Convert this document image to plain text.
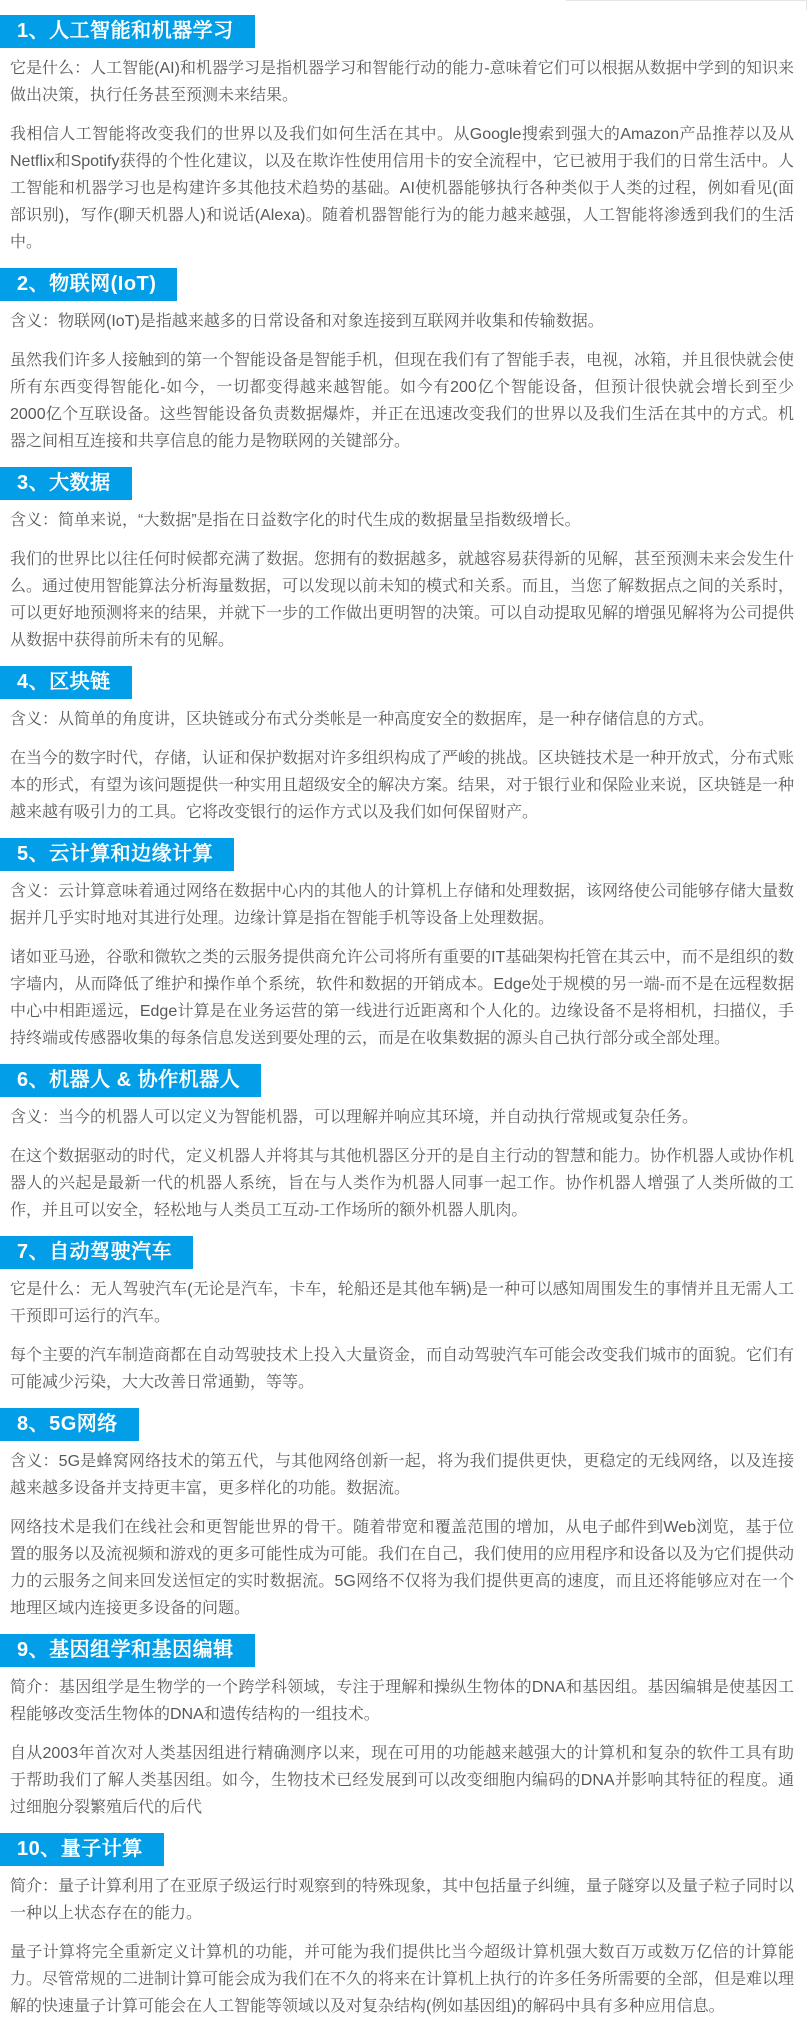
1、人工智能和机器学习

它是什么：人工智能(AI)和机器学习是指机器学习和智能行动的能力-意味着它们可以根据从数据中学到的知识来做出决策，执行任务甚至预测未来结果。

我相信人工智能将改变我们的世界以及我们如何生活在其中。从Google搜索到强大的Amazon产品推荐以及从Netflix和Spotify获得的个性化建议，以及在欺诈性使用信用卡的安全流程中，它已被用于我们的日常生活中。人工智能和机器学习也是构建许多其他技术趋势的基础。AI使机器能够执行各种类似于人类的过程，例如看见(面部识别)，写作(聊天机器人)和说话(Alexa)。随着机器智能行为的能力越来越强，人工智能将渗透到我们的生活中。

2、物联网(IoT)

含义：物联网(IoT)是指越来越多的日常设备和对象连接到互联网并收集和传输数据。

虽然我们许多人接触到的第一个智能设备是智能手机，但现在我们有了智能手表，电视，冰箱，并且很快就会使所有东西变得智能化-如今，一切都变得越来越智能。如今有200亿个智能设备，但预计很快就会增长到至少2000亿个互联设备。这些智能设备负责数据爆炸，并正在迅速改变我们的世界以及我们生活在其中的方式。机器之间相互连接和共享信息的能力是物联网的关键部分。

3、大数据

含义：简单来说，“大数据”是指在日益数字化的时代生成的数据量呈指数级增长。

我们的世界比以往任何时候都充满了数据。您拥有的数据越多，就越容易获得新的见解，甚至预测未来会发生什么。通过使用智能算法分析海量数据，可以发现以前未知的模式和关系。而且，当您了解数据点之间的关系时，可以更好地预测将来的结果，并就下一步的工作做出更明智的决策。可以自动提取见解的增强见解将为公司提供从数据中获得前所未有的见解。

4、区块链

含义：从简单的角度讲，区块链或分布式分类帐是一种高度安全的数据库，是一种存储信息的方式。

在当今的数字时代，存储，认证和保护数据对许多组织构成了严峻的挑战。区块链技术是一种开放式，分布式账本的形式，有望为该问题提供一种实用且超级安全的解决方案。结果，对于银行业和保险业来说，区块链是一种越来越有吸引力的工具。它将改变银行的运作方式以及我们如何保留财产。

5、云计算和边缘计算

含义：云计算意味着通过网络在数据中心内的其他人的计算机上存储和处理数据，该网络使公司能够存储大量数据并几乎实时地对其进行处理。边缘计算是指在智能手机等设备上处理数据。

诸如亚马逊，谷歌和微软之类的云服务提供商允许公司将所有重要的IT基础架构托管在其云中，而不是组织的数字墙内，从而降低了维护和操作单个系统，软件和数据的开销成本。Edge处于规模的另一端-而不是在远程数据中心中相距遥远，Edge计算是在业务运营的第一线进行近距离和个人化的。边缘设备不是将相机，扫描仪，手持终端或传感器收集的每条信息发送到要处理的云，而是在收集数据的源头自己执行部分或全部处理。

6、机器人 & 协作机器人

含义：当今的机器人可以定义为智能机器，可以理解并响应其环境，并自动执行常规或复杂任务。

在这个数据驱动的时代，定义机器人并将其与其他机器区分开的是自主行动的智慧和能力。协作机器人或协作机器人的兴起是最新一代的机器人系统，旨在与人类作为机器人同事一起工作。协作机器人增强了人类所做的工作，并且可以安全，轻松地与人类员工互动-工作场所的额外机器人肌肉。

7、自动驾驶汽车

它是什么：无人驾驶汽车(无论是汽车，卡车，轮船还是其他车辆)是一种可以感知周围发生的事情并且无需人工干预即可运行的汽车。

每个主要的汽车制造商都在自动驾驶技术上投入大量资金，而自动驾驶汽车可能会改变我们城市的面貌。它们有可能减少污染，大大改善日常通勤，等等。

8、5G网络

含义：5G是蜂窝网络技术的第五代，与其他网络创新一起，将为我们提供更快，更稳定的无线网络，以及连接越来越多设备并支持更丰富，更多样化的功能。数据流。

网络技术是我们在线社会和更智能世界的骨干。随着带宽和覆盖范围的增加，从电子邮件到Web浏览，基于位置的服务以及流视频和游戏的更多可能性成为可能。我们在自己，我们使用的应用程序和设备以及为它们提供动力的云服务之间来回发送恒定的实时数据流。5G网络不仅将为我们提供更高的速度，而且还将能够应对在一个地理区域内连接更多设备的问题。

9、基因组学和基因编辑

简介：基因组学是生物学的一个跨学科领域，专注于理解和操纵生物体的DNA和基因组。基因编辑是使基因工程能够改变活生物体的DNA和遗传结构的一组技术。

自从2003年首次对人类基因组进行精确测序以来，现在可用的功能越来越强大的计算机和复杂的软件工具有助于帮助我们了解人类基因组。如今，生物技术已经发展到可以改变细胞内编码的DNA并影响其特征的程度。通过细胞分裂繁殖后代的后代

10、量子计算

简介：量子计算利用了在亚原子级运行时观察到的特殊现象，其中包括量子纠缠，量子隧穿以及量子粒子同时以一种以上状态存在的能力。

量子计算将完全重新定义计算机的功能，并可能为我们提供比当今超级计算机强大数百万或数万亿倍的计算能力。尽管常规的二进制计算可能会成为我们在不久的将来在计算机上执行的许多任务所需要的全部，但是难以理解的快速量子计算可能会在人工智能等领域以及对复杂结构(例如基因组)的解码中具有多种应用信息。
